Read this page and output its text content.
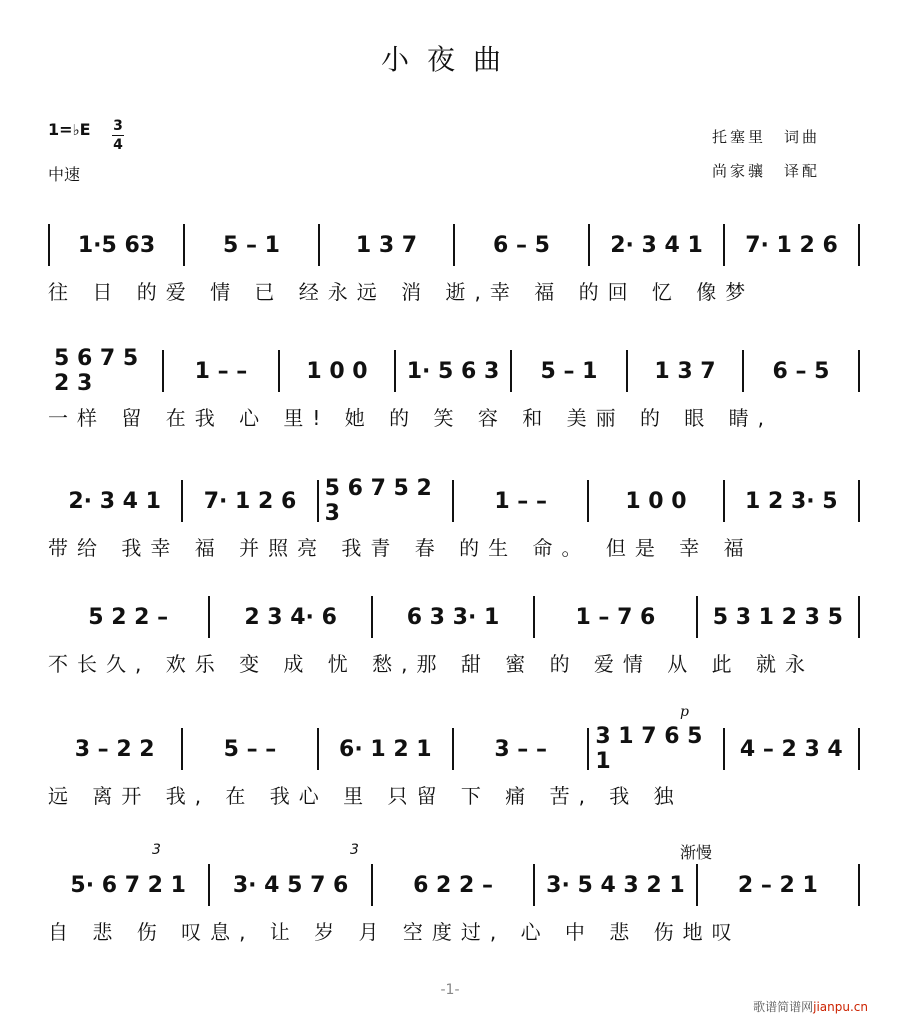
小夜曲
1=♭E 3
4
中速
托塞里 词曲
尚家骧 译配
1·5 63	5 – 1	1 3 7	6 – 5	2· 3 4 1	7· 1 2 6
往 日 的爱 情 已 经永远 消 逝,幸 福 的回 忆 像梦
5 6 7 5 2 3	1 – –	1 0 0	1· 5 6 3	5 – 1	1 3 7	6 – 5
一样 留 在我 心 里! 她 的 笑 容 和 美丽 的 眼 睛,
2· 3 4 1	7· 1 2 6	5 6 7 5 2 3	1 – –	1 0 0	1 2 3· 5
带给 我幸 福 并照亮 我青 春 的生 命。 但是 幸 福
5 2 2 –	2 3 4· 6	6 3 3· 1	1 – 7 6	5 3 1 2 3 5
不长久, 欢乐 变 成 忧 愁,那 甜 蜜 的 爱情 从 此 就永
p
3 – 2 2	5 – –	6· 1 2 1	3 – –	3 1 7 6 5 1	4 – 2 3 4
远 离开 我, 在 我心 里 只留 下 痛 苦, 我 独
3	3	渐慢
5· 6 7 2 1	3· 4 5 7 6	6 2 2 –	3· 5 4 3 2 1	2 – 2 1
自 悲 伤 叹息, 让 岁 月 空度过, 心 中 悲 伤地叹
-1-
歌谱简谱网jianpu.cn
